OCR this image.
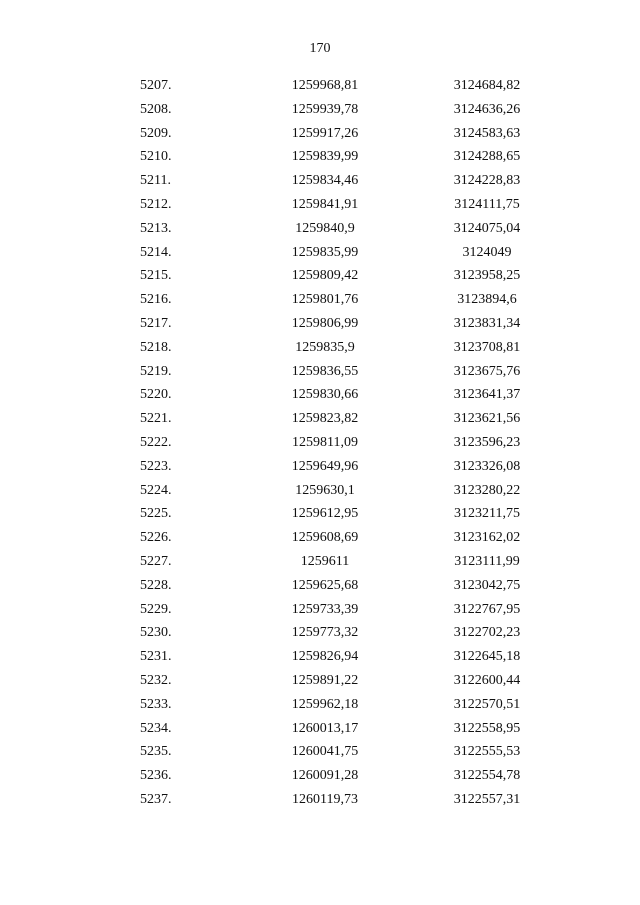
170
5207.	1259968,81	3124684,82
5208.	1259939,78	3124636,26
5209.	1259917,26	3124583,63
5210.	1259839,99	3124288,65
5211.	1259834,46	3124228,83
5212.	1259841,91	3124111,75
5213.	1259840,9	3124075,04
5214.	1259835,99	3124049
5215.	1259809,42	3123958,25
5216.	1259801,76	3123894,6
5217.	1259806,99	3123831,34
5218.	1259835,9	3123708,81
5219.	1259836,55	3123675,76
5220.	1259830,66	3123641,37
5221.	1259823,82	3123621,56
5222.	1259811,09	3123596,23
5223.	1259649,96	3123326,08
5224.	1259630,1	3123280,22
5225.	1259612,95	3123211,75
5226.	1259608,69	3123162,02
5227.	1259611	3123111,99
5228.	1259625,68	3123042,75
5229.	1259733,39	3122767,95
5230.	1259773,32	3122702,23
5231.	1259826,94	3122645,18
5232.	1259891,22	3122600,44
5233.	1259962,18	3122570,51
5234.	1260013,17	3122558,95
5235.	1260041,75	3122555,53
5236.	1260091,28	3122554,78
5237.	1260119,73	3122557,31
